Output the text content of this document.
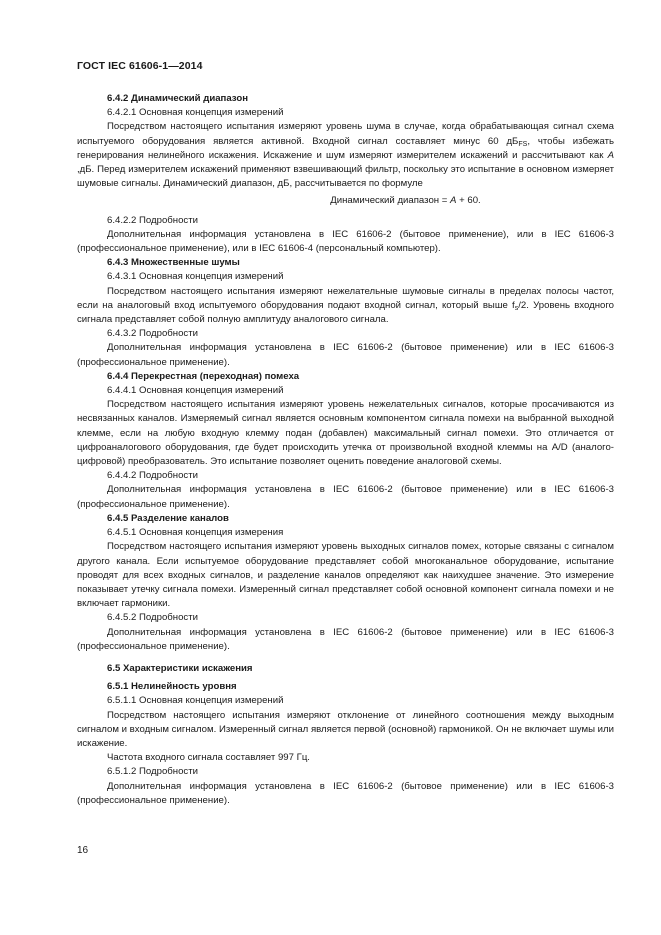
ГОСТ IEC 61606-1—2014

6.4.2 Динамический диапазон

6.4.2.1 Основная концепция измерений

Посредством настоящего испытания измеряют уровень шума в случае, когда обрабатывающая сигнал схема испытуемого оборудования является активной. Входной сигнал составляет минус 60 $дБ_{FS}$, чтобы избежать генерирования нелинейного искажения. Искажение и шум измеряют измерителем искажений и рассчитывают как A ,дБ. Перед измерителем искажений применяют взвешивающий фильтр, поскольку это испытание в основном измеряет шумовые сигналы. Динамический диапазон, дБ, рассчитывается по формуле

Динамический диапазон = A + 60.

6.4.2.2 Подробности

Дополнительная информация установлена в IEC 61606-2 (бытовое применение), или в IEC 61606-3 (профессиональное применение), или в IEC 61606-4 (персональный компьютер).

6.4.3 Множественные шумы

6.4.3.1 Основная концепция измерений

Посредством настоящего испытания измеряют нежелательные шумовые сигналы в пределах полосы частот, если на аналоговый вход испытуемого оборудования подают входной сигнал, который выше $f_s/2$. Уровень входного сигнала представляет собой полную амплитуду аналогового сигнала.

6.4.3.2 Подробности

Дополнительная информация установлена в IEC 61606-2 (бытовое применение) или в IEC 61606-3 (профессиональное применение).

6.4.4 Перекрестная (переходная) помеха

6.4.4.1 Основная концепция измерений

Посредством настоящего испытания измеряют уровень нежелательных сигналов, которые просачиваются из несвязанных каналов. Измеряемый сигнал является основным компонентом сигнала помехи на выбранной выходной клемме, если на любую входную клемму подан (добавлен) максимальный сигнал помехи. Это отличается от цифроаналогового оборудования, где будет происходить утечка от произвольной входной клеммы на A/D (аналого-цифровой) преобразователь. Это испытание позволяет оценить поведение аналоговой схемы.

6.4.4.2 Подробности

Дополнительная информация установлена в IEC 61606-2 (бытовое применение) или в IEC 61606-3 (профессиональное применение).

6.4.5 Разделение каналов

6.4.5.1 Основная концепция измерения

Посредством настоящего испытания измеряют уровень выходных сигналов помех, которые связаны с сигналом другого канала. Если испытуемое оборудование представляет собой многоканальное оборудование, испытание проводят для всех входных сигналов, и разделение каналов определяют как наихудшее значение. Это измерение показывает утечку сигнала помехи. Измеренный сигнал представляет собой основной компонент сигнала помехи и не включает гармоники.

6.4.5.2 Подробности

Дополнительная информация установлена в IEC 61606-2 (бытовое применение) или в IEC 61606-3 (профессиональное применение).

6.5 Характеристики искажения

6.5.1 Нелинейность уровня

6.5.1.1 Основная концепция измерений

Посредством настоящего испытания измеряют отклонение от линейного соотношения между выходным сигналом и входным сигналом. Измеренный сигнал является первой (основной) гармоникой. Он не включает шумы или искажение.

Частота входного сигнала составляет 997 Гц.

6.5.1.2 Подробности

Дополнительная информация установлена в IEC 61606-2 (бытовое применение) или в IEC 61606-3 (профессиональное применение).

16
